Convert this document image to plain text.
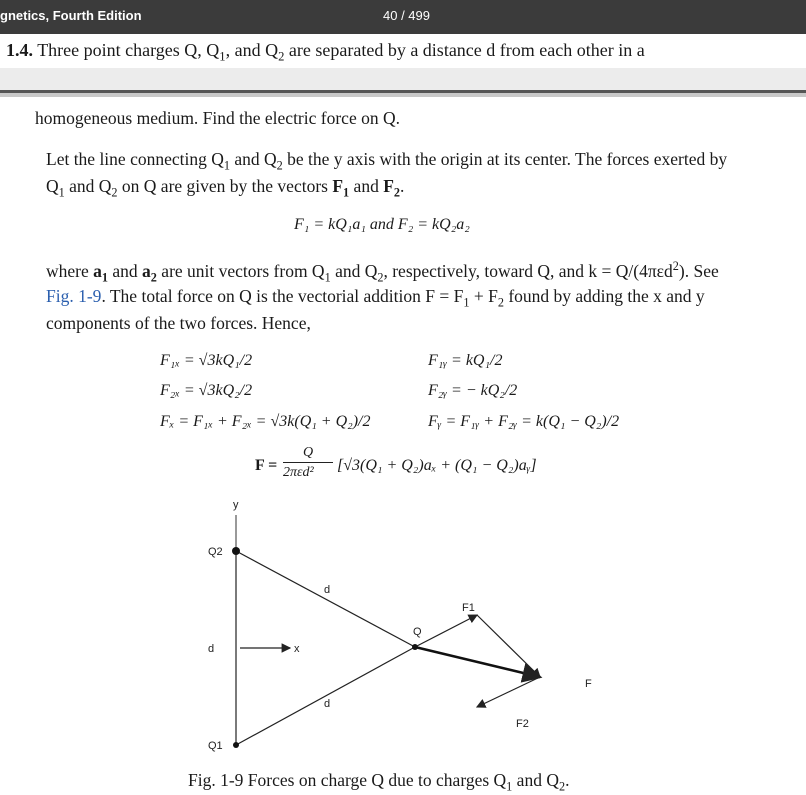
gnetics, Fourth Edition	40 / 499
1.4. Three point charges Q, $Q_1$, and $Q_2$ are separated by a distance d from each other in a
homogeneous medium. Find the electric force on Q.
Let the line connecting $Q_1$ and $Q_2$ be the y axis with the origin at its center. The forces exerted by
$Q_1$ and $Q_2$ on Q are given by the vectors $F_1$ and $F_2$.
F₁ = kQ₁a₁ and F₂ = kQ₂a₂
where $a_1$ and $a_2$ are unit vectors from $Q_1$ and $Q_2$, respectively, toward Q, and k = Q/(4πεd$^2$). See
Fig. 1-9. The total force on Q is the vectorial addition $F = F_1 + F_2$ found by adding the x and y
components of the two forces. Hence,
F₁ₓ = √3kQ₁/2
F₂ₓ = √3kQ₂/2
Fₓ = F₁ₓ + F₂ₓ = √3k(Q₁ + Q₂)/2
F₁ᵧ = kQ₁/2
F₂ᵧ = − kQ₂/2
Fᵧ = F₁ᵧ + F₂ᵧ = k(Q₁ − Q₂)/2
F =
Q
2πεd² [√3(Q₁ + Q₂)aₓ + (Q₁ − Q₂)aᵧ]
y
Q2
Q1
d	x
d
d
Q
F1
F2
F
Fig. 1-9 Forces on charge Q due to charges $Q_1$ and $Q_2$.
